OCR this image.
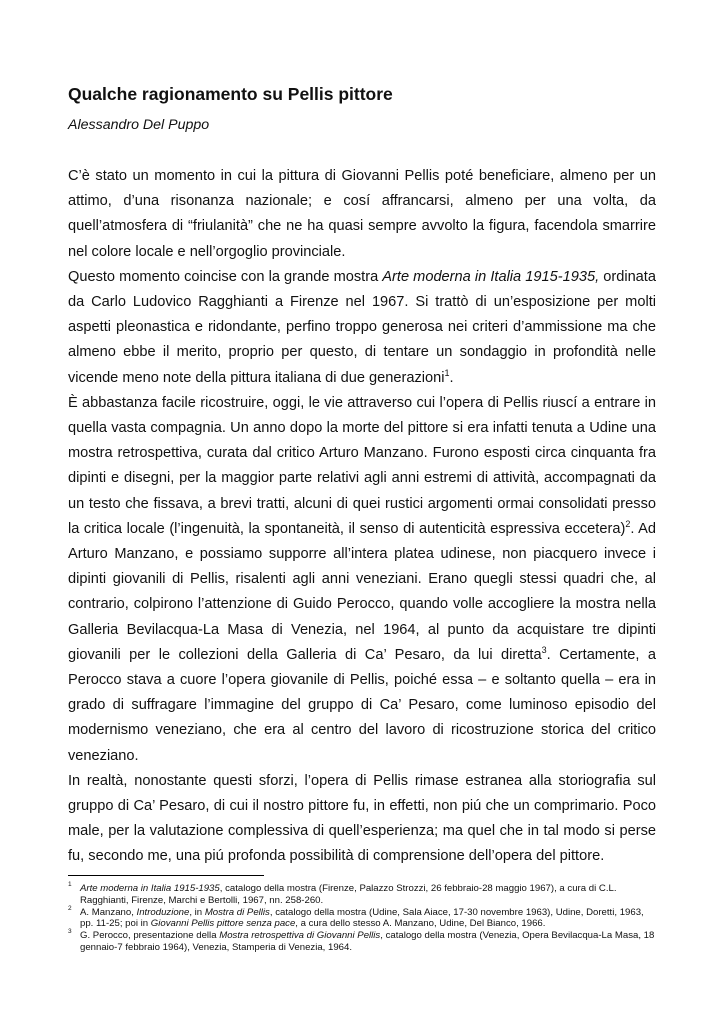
Qualche ragionamento su Pellis pittore
Alessandro Del Puppo

C’è stato un momento in cui la pittura di Giovanni Pellis poté beneficiare, almeno per un attimo, d’una risonanza nazionale; e cosí affrancarsi, almeno per una volta, da quell’atmosfera di “friulanità” che ne ha quasi sempre avvolto la figura, facendola smarrire nel colore locale e nell’orgoglio provinciale.

Questo momento coincise con la grande mostra Arte moderna in Italia 1915-1935, ordinata da Carlo Ludovico Ragghianti a Firenze nel 1967. Si trattò di un’esposizione per molti aspetti pleonastica e ridondante, perfino troppo generosa nei criteri d’ammissione ma che almeno ebbe il merito, proprio per questo, di tentare un sondaggio in profondità nelle vicende meno note della pittura italiana di due generazioni$^1$.

È abbastanza facile ricostruire, oggi, le vie attraverso cui l’opera di Pellis riuscí a entrare in quella vasta compagnia. Un anno dopo la morte del pittore si era infatti tenuta a Udine una mostra retrospettiva, curata dal critico Arturo Manzano. Furono esposti circa cinquanta fra dipinti e disegni, per la maggior parte relativi agli anni estremi di attività, accompagnati da un testo che fissava, a brevi tratti, alcuni di quei rustici argomenti ormai consolidati presso la critica locale (l’ingenuità, la spontaneità, il senso di autenticità espressiva eccetera)$^2$. Ad Arturo Manzano, e possiamo supporre all’intera platea udinese, non piacquero invece i dipinti giovanili di Pellis, risalenti agli anni veneziani. Erano quegli stessi quadri che, al contrario, colpirono l’attenzione di Guido Perocco, quando volle accogliere la mostra nella Galleria Bevilacqua-La Masa di Venezia, nel 1964, al punto da acquistare tre dipinti giovanili per le collezioni della Galleria di Ca’ Pesaro, da lui diretta$^3$. Certamente, a Perocco stava a cuore l’opera giovanile di Pellis, poiché essa – e soltanto quella – era in grado di suffragare l’immagine del gruppo di Ca’ Pesaro, come luminoso episodio del modernismo veneziano, che era al centro del lavoro di ricostruzione storica del critico veneziano.

In realtà, nonostante questi sforzi, l’opera di Pellis rimase estranea alla storiografia sul gruppo di Ca’ Pesaro, di cui il nostro pittore fu, in effetti, non piú che un comprimario. Poco male, per la valutazione complessiva di quell’esperienza; ma quel che in tal modo si perse fu, secondo me, una piú profonda possibilità di comprensione dell’opera del pittore.

1 Arte moderna in Italia 1915-1935, catalogo della mostra (Firenze, Palazzo Strozzi, 26 febbraio-28 maggio 1967), a cura di C.L. Ragghianti, Firenze, Marchi e Bertolli, 1967, nn. 258-260.
2 A. Manzano, Introduzione, in Mostra di Pellis, catalogo della mostra (Udine, Sala Aiace, 17-30 novembre 1963), Udine, Doretti, 1963, pp. 11-25; poi in Giovanni Pellis pittore senza pace, a cura dello stesso A. Manzano, Udine, Del Bianco, 1966.
3 G. Perocco, presentazione della Mostra retrospettiva di Giovanni Pellis, catalogo della mostra (Venezia, Opera Bevilacqua-La Masa, 18 gennaio-7 febbraio 1964), Venezia, Stamperia di Venezia, 1964.
